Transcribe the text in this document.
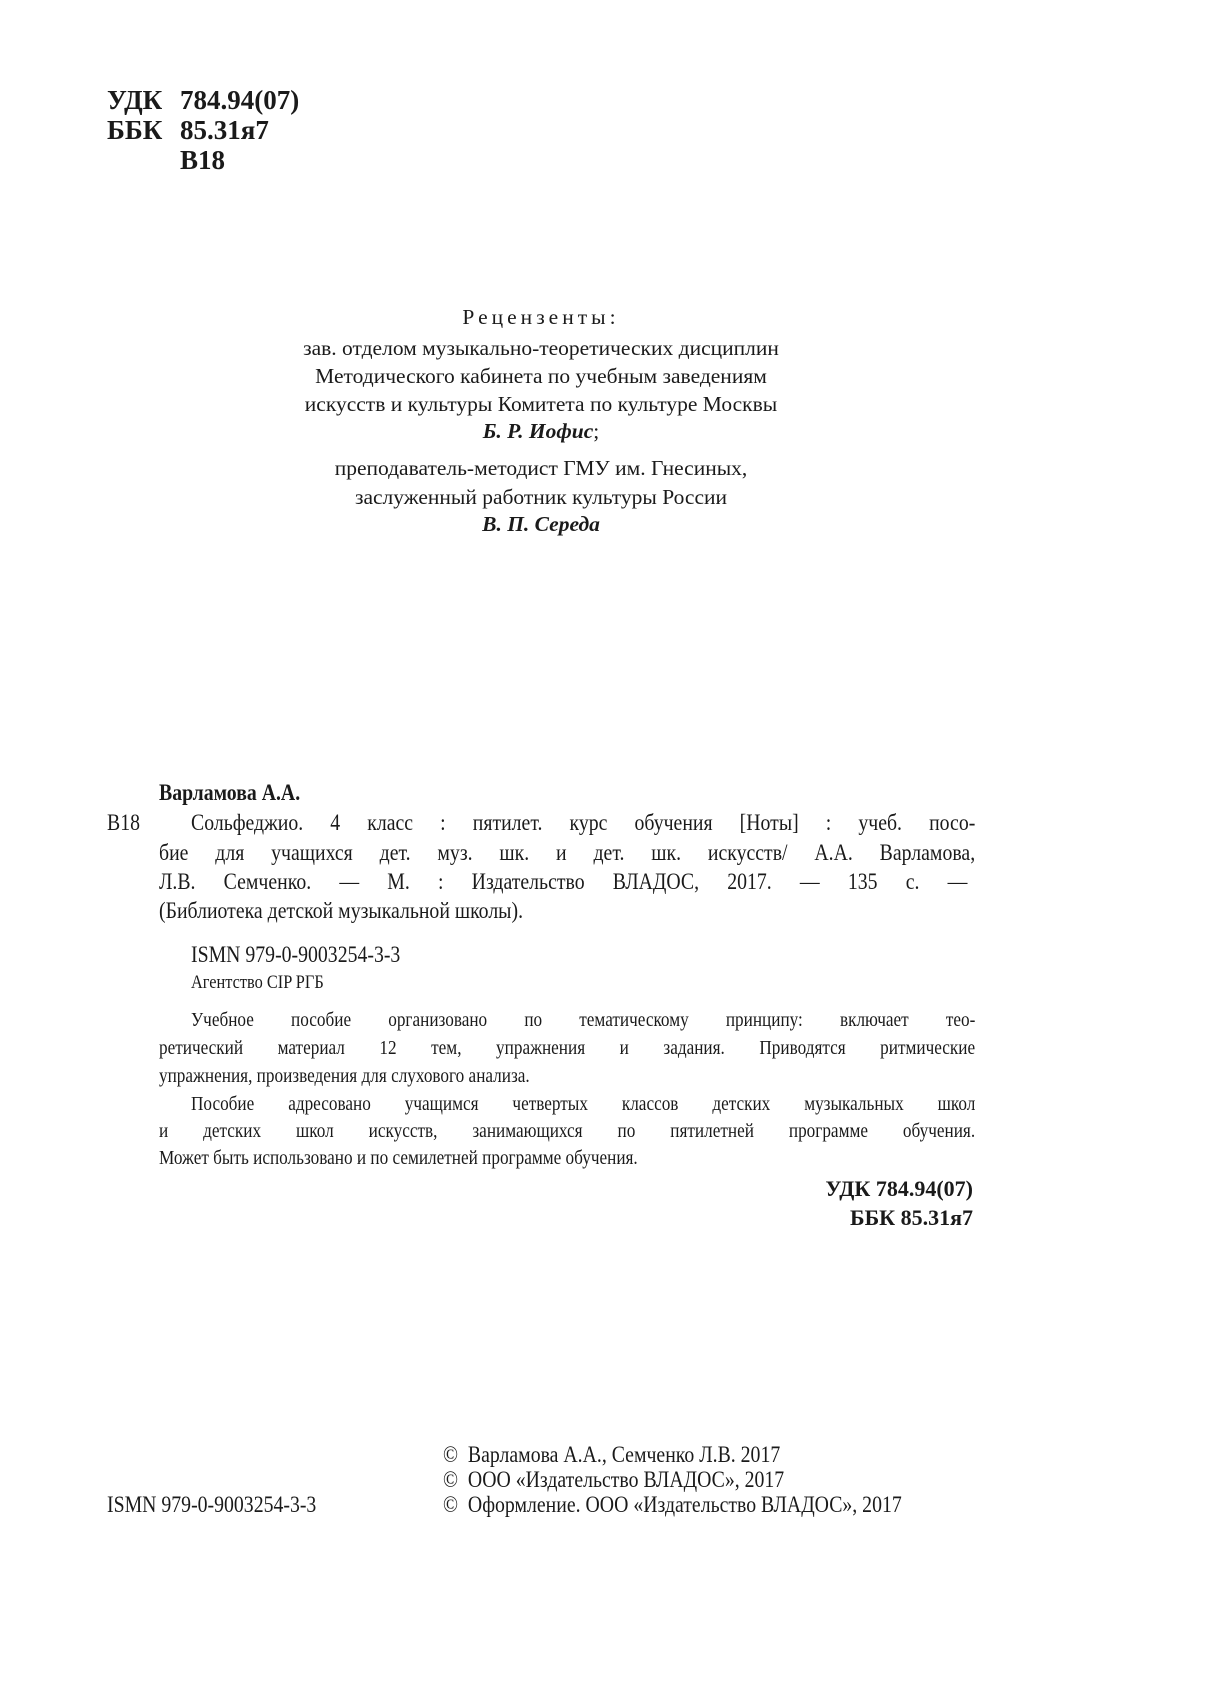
УДК 784.94(07)
ББК 85.31я7
В18
Рецензенты:
зав. отделом музыкально-теоретических дисциплин
Методического кабинета по учебным заведениям
искусств и культуры Комитета по культуре Москвы
Б. Р. Иофис;
преподаватель-методист ГМУ им. Гнесиных,
заслуженный работник культуры России
В. П. Середа
Варламова А.А.
В18 Сольфеджио. 4 класс : пятилет. курс обучения [Ноты] : учеб. посо-
бие для учащихся дет. муз. шк. и дет. шк. искусств/ А.А. Варламова,
Л.В. Семченко. — М. : Издательство ВЛАДОС, 2017. — 135 с. —
(Библиотека детской музыкальной школы).
ISMN 979-0-9003254-3-3
Агентство CIP РГБ
Учебное пособие организовано по тематическому принципу: включает тео-
ретический материал 12 тем, упражнения и задания. Приводятся ритмические
упражнения, произведения для слухового анализа.
Пособие адресовано учащимся четвертых классов детских музыкальных школ
и детских школ искусств, занимающихся по пятилетней программе обучения.
Может быть использовано и по семилетней программе обучения.
УДК 784.94(07)
ББК 85.31я7
ISMN 979-0-9003254-3-3
© Варламова А.А., Семченко Л.В. 2017
© ООО «Издательство ВЛАДОС», 2017
© Оформление. ООО «Издательство ВЛАДОС», 2017
